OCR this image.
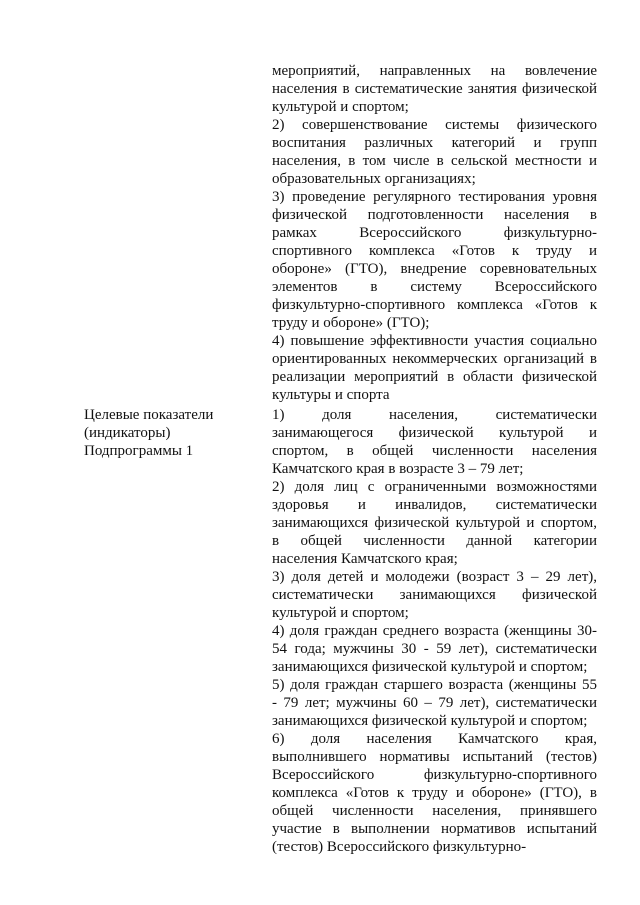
мероприятий, направленных на вовлечение
населения в систематические занятия физической
культурой и спортом;
2) совершенствование системы физического
воспитания различных категорий и групп
населения, в том числе в сельской местности и
образовательных организациях;
3) проведение регулярного тестирования уровня
физической подготовленности населения в
рамках Всероссийского физкультурно-
спортивного комплекса «Готов к труду и
обороне» (ГТО), внедрение соревновательных
элементов в систему Всероссийского
физкультурно-спортивного комплекса «Готов к
труду и обороне» (ГТО);
4) повышение эффективности участия социально
ориентированных некоммерческих организаций в
реализации мероприятий в области физической
культуры и спорта
Целевые показатели
(индикаторы)
Подпрограммы 1
1) доля населения, систематически
занимающегося физической культурой и
спортом, в общей численности населения
Камчатского края в возрасте 3 – 79 лет;
2) доля лиц с ограниченными возможностями
здоровья и инвалидов, систематически
занимающихся физической культурой и спортом,
в общей численности данной категории
населения Камчатского края;
3) доля детей и молодежи (возраст 3 – 29 лет),
систематически занимающихся физической
культурой и спортом;
4) доля граждан среднего возраста (женщины 30-
54 года; мужчины 30 - 59 лет), систематически
занимающихся физической культурой и спортом;
5) доля граждан старшего возраста (женщины 55
- 79 лет; мужчины 60 – 79 лет), систематически
занимающихся физической культурой и спортом;
6) доля населения Камчатского края,
выполнившего нормативы испытаний (тестов)
Всероссийского физкультурно-спортивного
комплекса «Готов к труду и обороне» (ГТО), в
общей численности населения, принявшего
участие в выполнении нормативов испытаний
(тестов) Всероссийского физкультурно-
